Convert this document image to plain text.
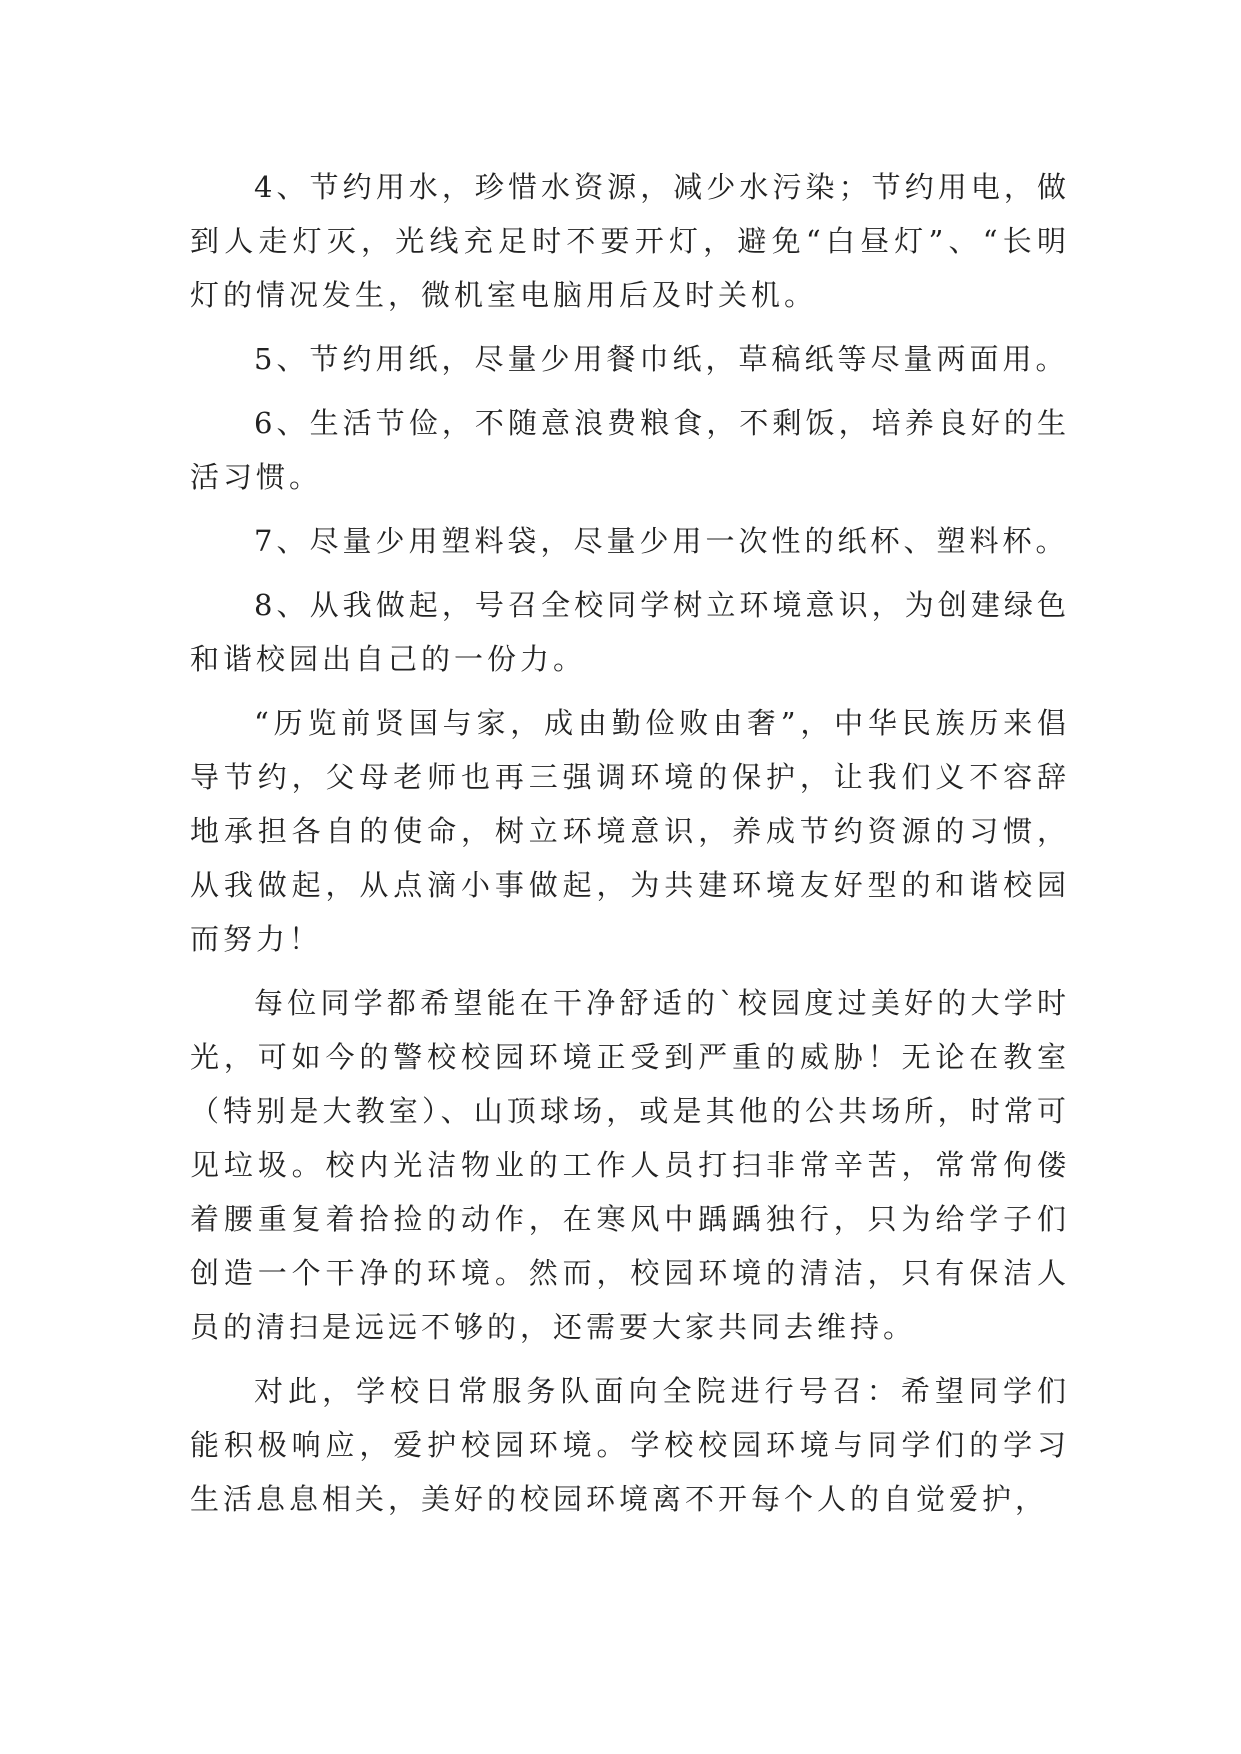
4、节约用水，珍惜水资源，减少水污染；节约用电，做到人走灯灭，光线充足时不要开灯，避免“白昼灯”、“长明灯的情况发生，微机室电脑用后及时关机。

5、节约用纸，尽量少用餐巾纸，草稿纸等尽量两面用。

6、生活节俭，不随意浪费粮食，不剩饭，培养良好的生活习惯。

7、尽量少用塑料袋，尽量少用一次性的纸杯、塑料杯。

8、从我做起，号召全校同学树立环境意识，为创建绿色和谐校园出自己的一份力。

“历览前贤国与家，成由勤俭败由奢”，中华民族历来倡导节约，父母老师也再三强调环境的保护，让我们义不容辞地承担各自的使命，树立环境意识，养成节约资源的习惯，从我做起，从点滴小事做起，为共建环境友好型的和谐校园而努力！

每位同学都希望能在干净舒适的`校园度过美好的大学时光，可如今的警校校园环境正受到严重的威胁！无论在教室（特别是大教室）、山顶球场，或是其他的公共场所，时常可见垃圾。校内光洁物业的工作人员打扫非常辛苦，常常佝偻着腰重复着拾捡的动作，在寒风中踽踽独行，只为给学子们创造一个干净的环境。然而，校园环境的清洁，只有保洁人员的清扫是远远不够的，还需要大家共同去维持。

对此，学校日常服务队面向全院进行号召：希望同学们能积极响应，爱护校园环境。学校校园环境与同学们的学习生活息息相关，美好的校园环境离不开每个人的自觉爱护，
